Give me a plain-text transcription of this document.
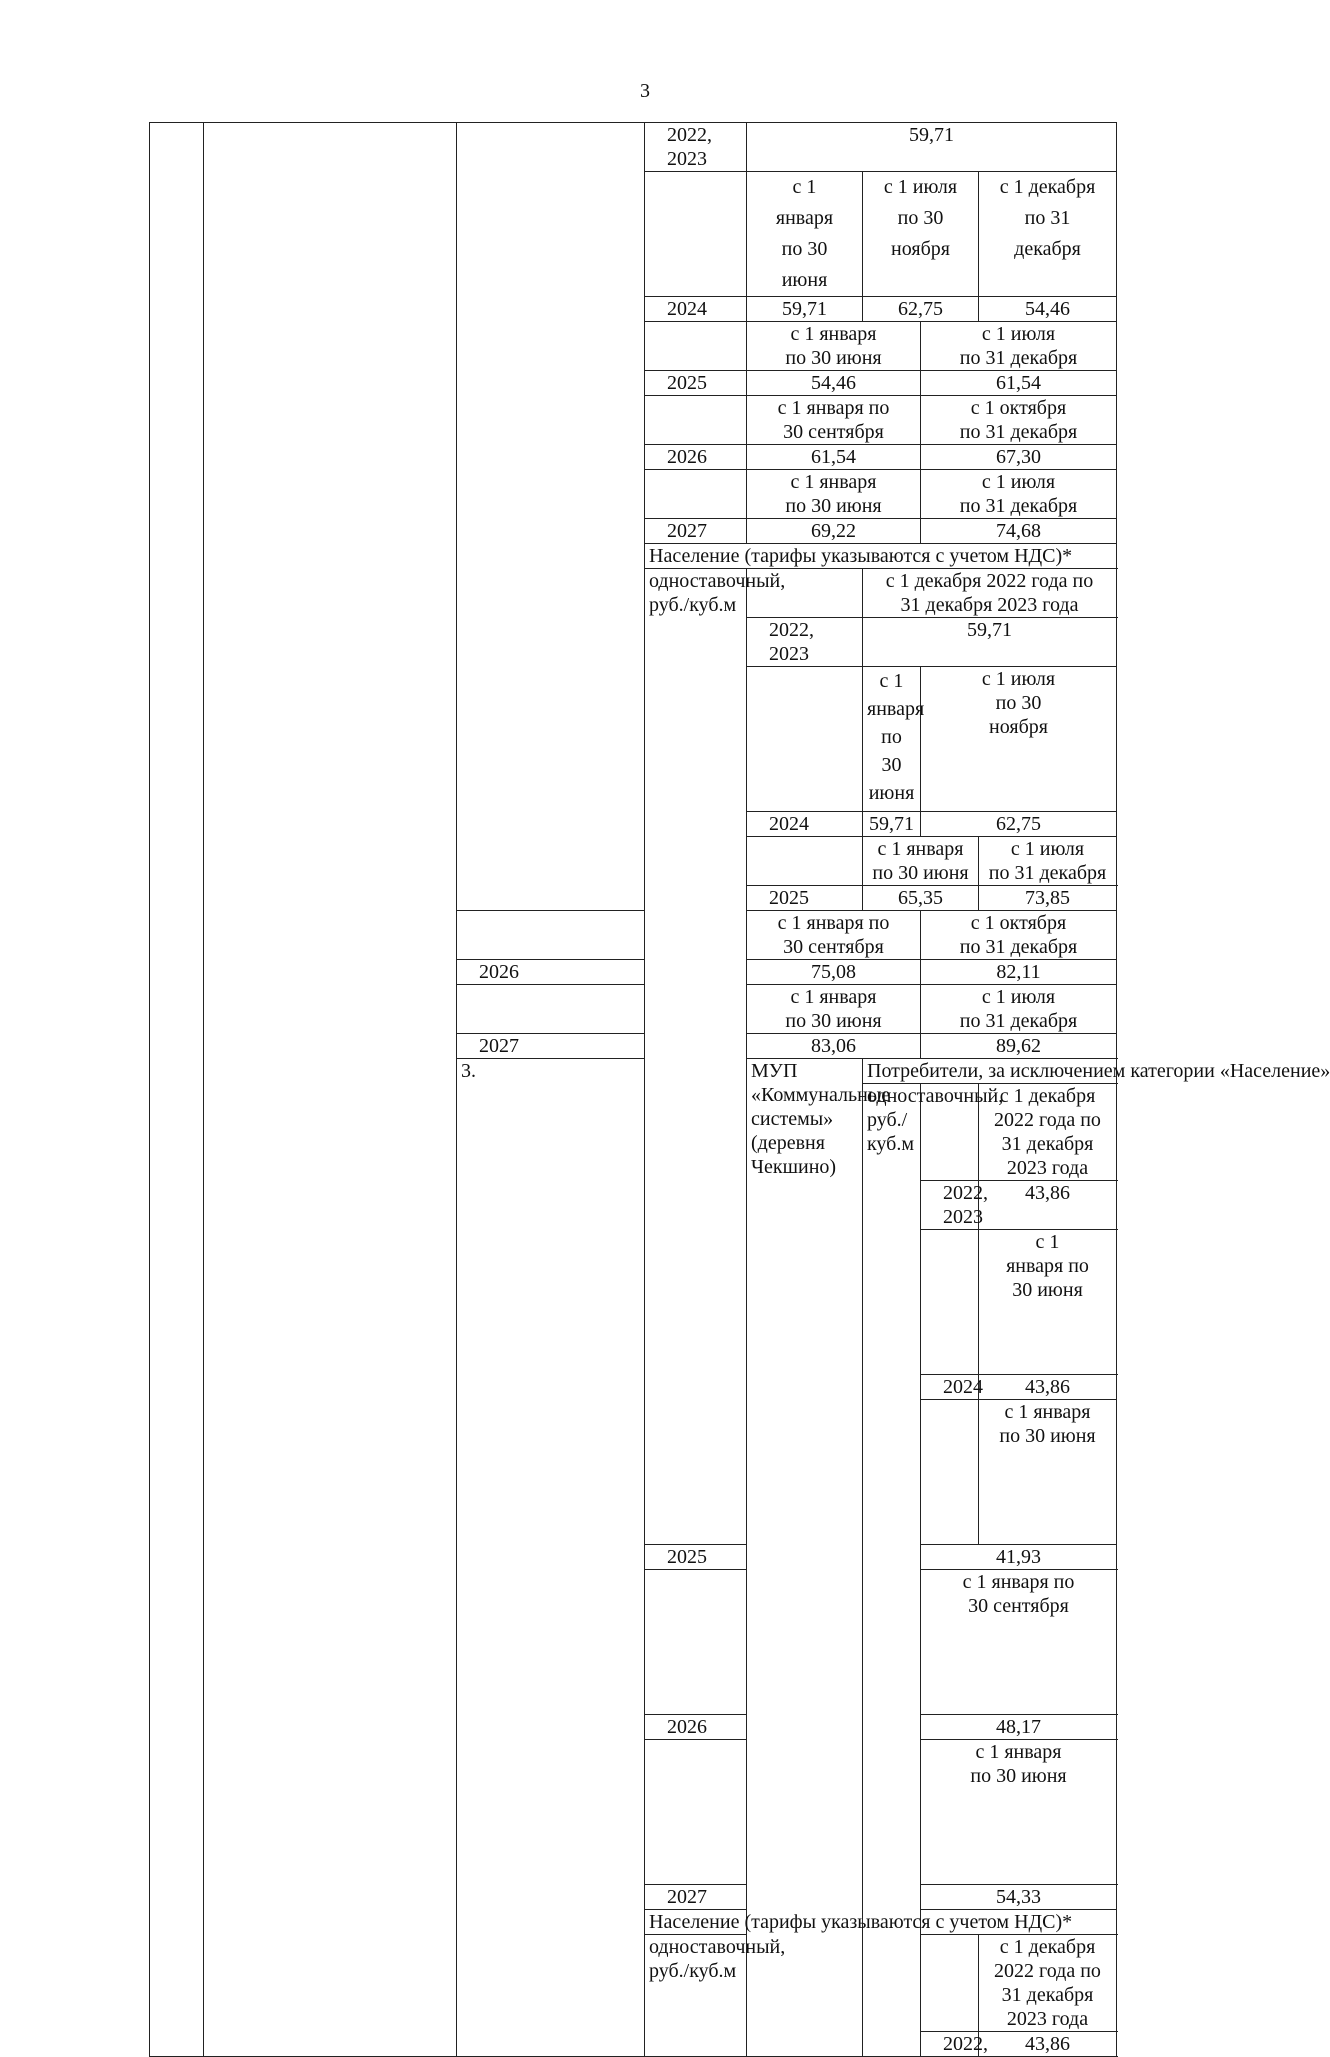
3
			2022,
2023	59,71				
				с 1
января
по 30
июня	с 1 июля
по 30
ноября		с 1 декабря
по 31
декабря	
			2024	59,71	62,75		54,46	
				с 1 января
по 30 июня		с 1 июля
по 31 декабря		
			2025	54,46		61,54		
				с 1 января по
30 сентября		с 1 октября
по 31 декабря		
			2026	61,54		67,30		
				с 1 января
по 30 июня		с 1 июля
по 31 декабря		
			2027	69,22		74,68		
			Население (тарифы указываются с учетом НДС)*					
			одноставочный,
руб./куб.м		с 1 декабря 2022 года по
31 декабря 2023 года			
				2022,
2023	59,71			
					с 1
января по
30 июня	с 1 июля
по 30
ноября	

				2024	59,71	62,75	
					с 1 января
по 30 июня		с 1 июля
по 31 декабря	
				2025	65,35		73,85	
				с 1 января по
30 сентября		с 1 октября
по 31 декабря		
		2026		75,08		82,11		
				с 1 января
по 30 июня		с 1 июля
по 31 декабря		
		2027		83,06		89,62		
		3.		МУП «Коммунальные
системы»
(деревня Чекшино)	Потребители, за исключением категории «Население»			
					одноставочный,
руб./куб.м		с 1 декабря 2022 года по
31 декабря 2023 года	
						2022,
2023	43,86	
							с 1
января по
30 июня	

						2024	43,86		
							с 1 января
по 30 июня	

			2025			41,93	
						с 1 января по
30 сентября	

			2026			48,17	
						с 1 января
по 30 июня	

			2027			54,33	
			Население (тарифы указываются с учетом НДС)*					
			одноставочный,
руб./куб.м				с 1 декабря 2022 года по
31 декабря 2023 года	
						2022,	43,86	
